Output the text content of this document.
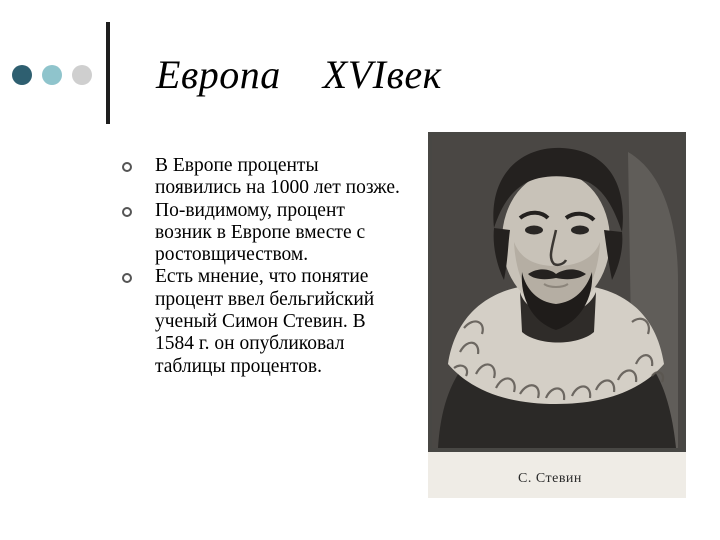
Европа    XVIвек
В Европе проценты появились на 1000 лет позже.
По-видимому, процент возник в Европе вместе с ростовщичеством.
Есть мнение, что понятие процент ввел бельгийский ученый Симон Стевин. В 1584 г. он опубликовал таблицы процентов.
С. Стевин
